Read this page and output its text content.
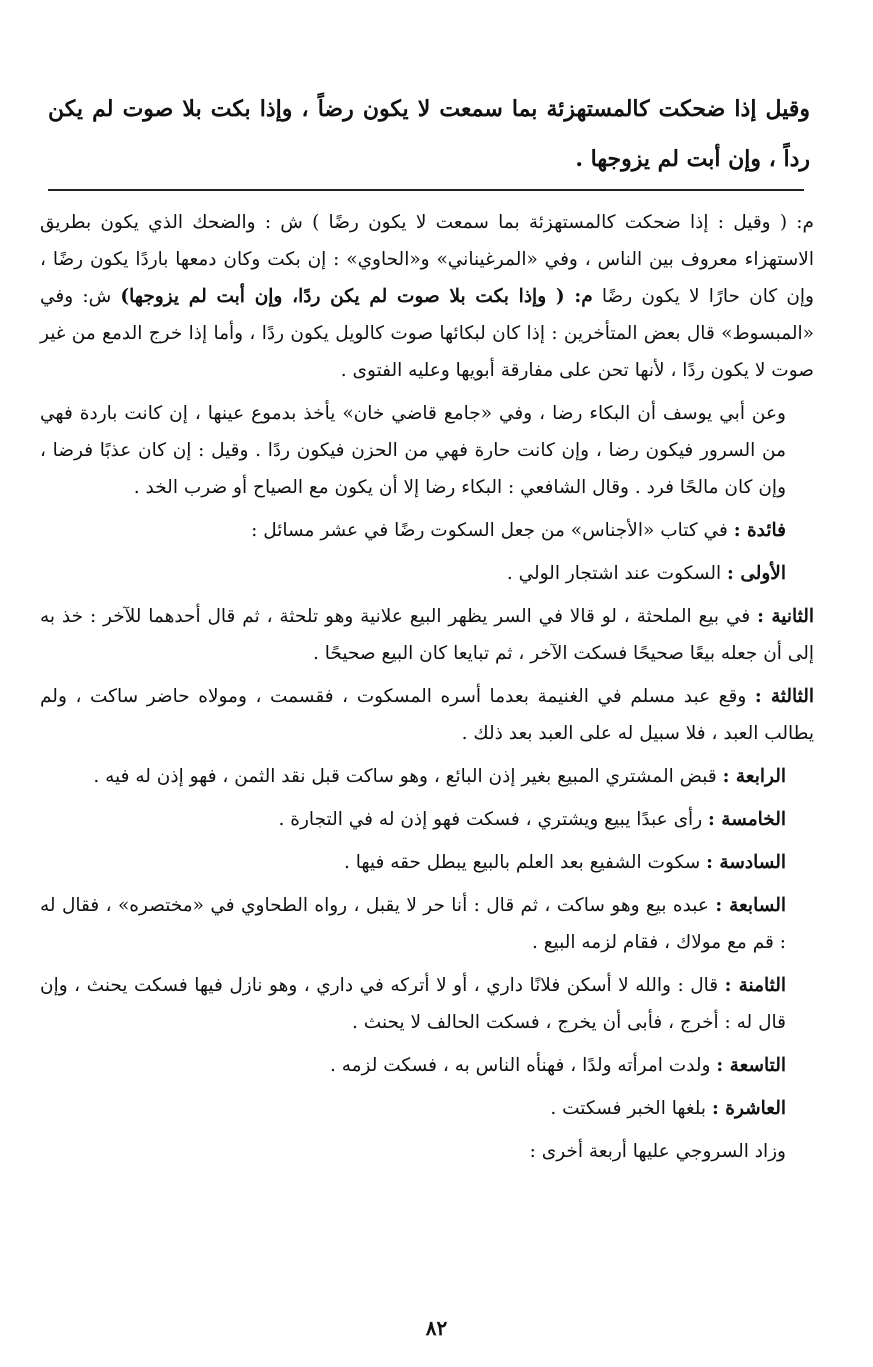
وقيل إذا ضحكت كالمستهزئة بما سمعت لا يكون رضاً ، وإذا بكت بلا صوت لم يكن رداً ، وإن أبت لم يزوجها .

م: ( وقيل : إذا ضحكت كالمستهزئة بما سمعت لا يكون رضًا ) ش : والضحك الذي يكون بطريق الاستهزاء معروف بين الناس ، وفي «المرغيناني» و«الحاوي» : إن بكت وكان دمعها باردًا يكون رضًا ، وإن كان حارًا لا يكون رضًا م: ( وإذا بكت بلا صوت لم يكن ردًا، وإن أبت لم يزوجها) ش: وفي «المبسوط» قال بعض المتأخرين : إذا كان لبكائها صوت كالويل يكون ردًا ، وأما إذا خرج الدمع من غير صوت لا يكون ردًا ، لأنها تحن على مفارقة أبويها وعليه الفتوى .

وعن أبي يوسف أن البكاء رضا ، وفي «جامع قاضي خان» يأخذ بدموع عينها ، إن كانت باردة فهي من السرور فيكون رضا ، وإن كانت حارة فهي من الحزن فيكون ردًا . وقيل : إن كان عذبًا فرضا ، وإن كان مالحًا فرد . وقال الشافعي : البكاء رضا إلا أن يكون مع الصياح أو ضرب الخد .

فائدة : في كتاب «الأجناس» من جعل السكوت رضًا في عشر مسائل :

الأولى : السكوت عند اشتجار الولي .

الثانية : في بيع الملحثة ، لو قالا في السر يظهر البيع علانية وهو تلحثة ، ثم قال أحدهما للآخر : خذ به إلى أن جعله بيعًا صحيحًا فسكت الآخر ، ثم تبايعا كان البيع صحيحًا .

الثالثة : وقع عبد مسلم في الغنيمة بعدما أسره المسكوت ، فقسمت ، ومولاه حاضر ساكت ، ولم يطالب العبد ، فلا سبيل له على العبد بعد ذلك .

الرابعة : قبض المشتري المبيع بغير إذن البائع ، وهو ساكت قبل نقد الثمن ، فهو إذن له فيه .

الخامسة : رأى عبدًا يبيع ويشتري ، فسكت فهو إذن له في التجارة .

السادسة : سكوت الشفيع بعد العلم بالبيع يبطل حقه فيها .

السابعة : عبده بيع وهو ساكت ، ثم قال : أنا حر لا يقبل ، رواه الطحاوي في «مختصره» ، فقال له : قم مع مولاك ، فقام لزمه البيع .

الثامنة : قال : والله لا أسكن فلانًا داري ، أو لا أتركه في داري ، وهو نازل فيها فسكت يحنث ، وإن قال له : أخرج ، فأبى أن يخرج ، فسكت الحالف لا يحنث .

التاسعة : ولدت امرأته ولدًا ، فهنأه الناس به ، فسكت لزمه .

العاشرة : بلغها الخبر فسكتت .

وزاد السروجي عليها أربعة أخرى :

٨٢
